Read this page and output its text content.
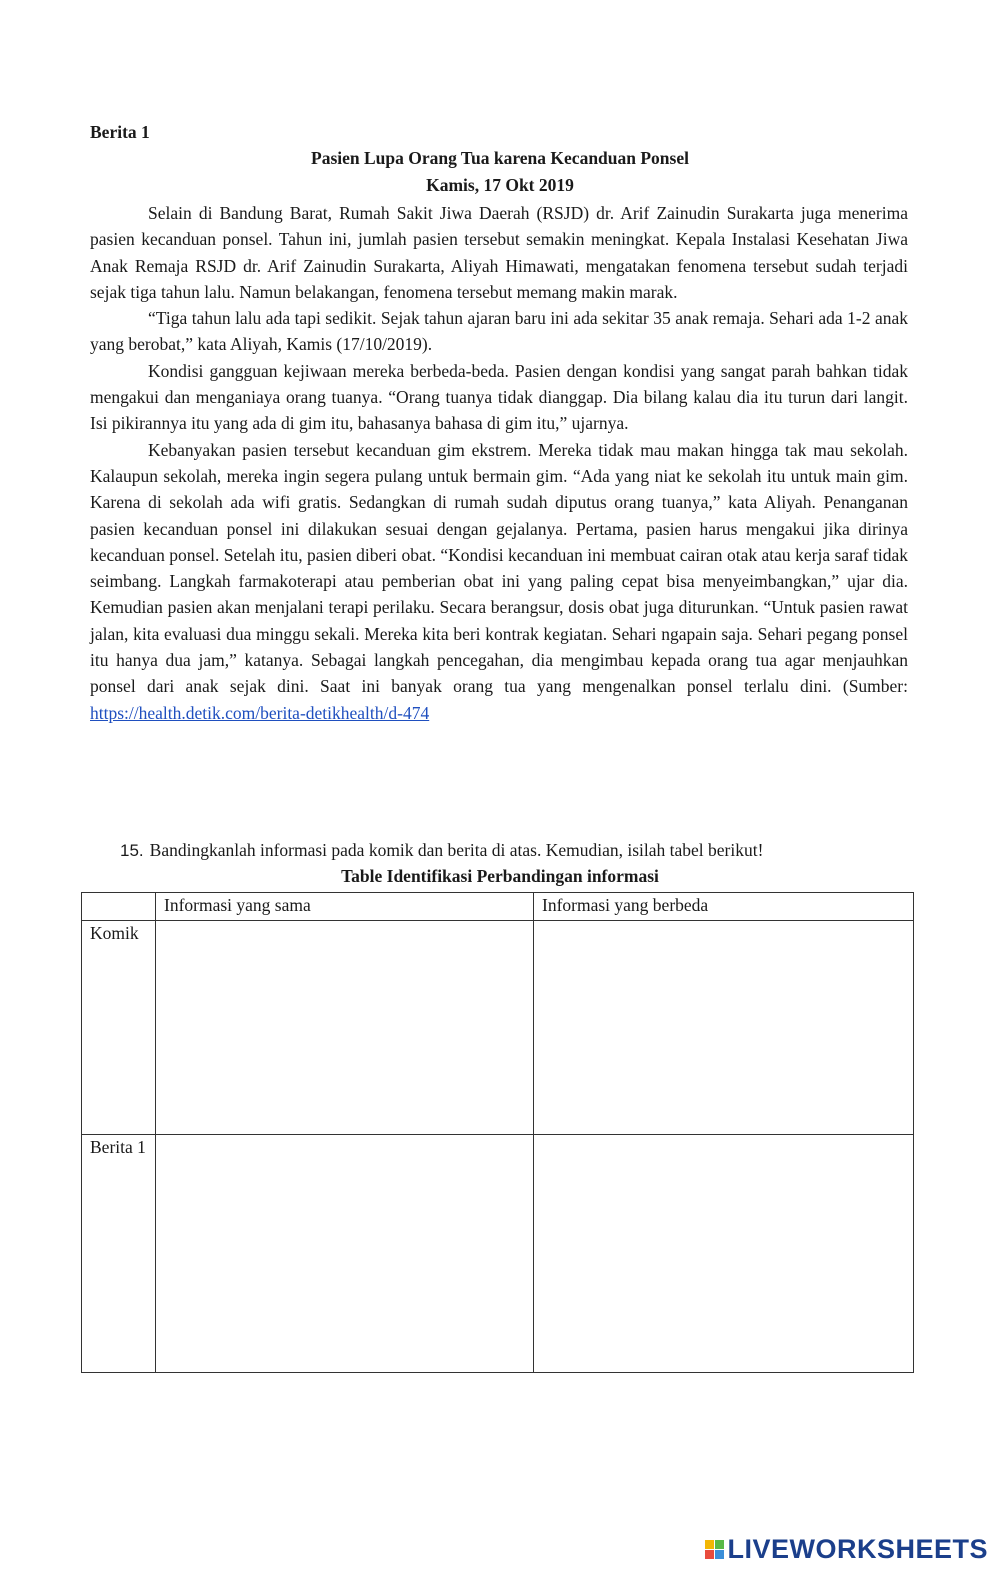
Berita 1
Pasien Lupa Orang Tua karena Kecanduan Ponsel
Kamis, 17 Okt 2019

Selain di Bandung Barat, Rumah Sakit Jiwa Daerah (RSJD) dr. Arif Zainudin Surakarta juga menerima pasien kecanduan ponsel. Tahun ini, jumlah pasien tersebut semakin meningkat. Kepala Instalasi Kesehatan Jiwa Anak Remaja RSJD dr. Arif Zainudin Surakarta, Aliyah Himawati, mengatakan fenomena tersebut sudah terjadi sejak tiga tahun lalu. Namun belakangan, fenomena tersebut memang makin marak.

“Tiga tahun lalu ada tapi sedikit. Sejak tahun ajaran baru ini ada sekitar 35 anak remaja. Sehari ada 1-2 anak yang berobat,” kata Aliyah, Kamis (17/10/2019).

Kondisi gangguan kejiwaan mereka berbeda-beda. Pasien dengan kondisi yang sangat parah bahkan tidak mengakui dan menganiaya orang tuanya. “Orang tuanya tidak dianggap. Dia bilang kalau dia itu turun dari langit. Isi pikirannya itu yang ada di gim itu, bahasanya bahasa di gim itu,” ujarnya.

Kebanyakan pasien tersebut kecanduan gim ekstrem. Mereka tidak mau makan hingga tak mau sekolah. Kalaupun sekolah, mereka ingin segera pulang untuk bermain gim. “Ada yang niat ke sekolah itu untuk main gim. Karena di sekolah ada wifi gratis. Sedangkan di rumah sudah diputus orang tuanya,” kata Aliyah. Penanganan pasien kecanduan ponsel ini dilakukan sesuai dengan gejalanya. Pertama, pasien harus mengakui jika dirinya kecanduan ponsel. Setelah itu, pasien diberi obat. “Kondisi kecanduan ini membuat cairan otak atau kerja saraf tidak seimbang. Langkah farmakoterapi atau pemberian obat ini yang paling cepat bisa menyeimbangkan,” ujar dia. Kemudian pasien akan menjalani terapi perilaku. Secara berangsur, dosis obat juga diturunkan. “Untuk pasien rawat jalan, kita evaluasi dua minggu sekali. Mereka kita beri kontrak kegiatan. Sehari ngapain saja. Sehari pegang ponsel itu hanya dua jam,” katanya. Sebagai langkah pencegahan, dia mengimbau kepada orang tua agar menjauhkan ponsel dari anak sejak dini. Saat ini banyak orang tua yang mengenalkan ponsel terlalu dini. (Sumber: https://health.detik.com/berita-detikhealth/d-474

15. Bandingkanlah informasi pada komik dan berita di atas. Kemudian, isilah tabel berikut!
Table Identifikasi Perbandingan informasi
	Informasi yang sama	Informasi yang berbeda
Komik		
Berita 1		
LIVEWORKSHEETS
